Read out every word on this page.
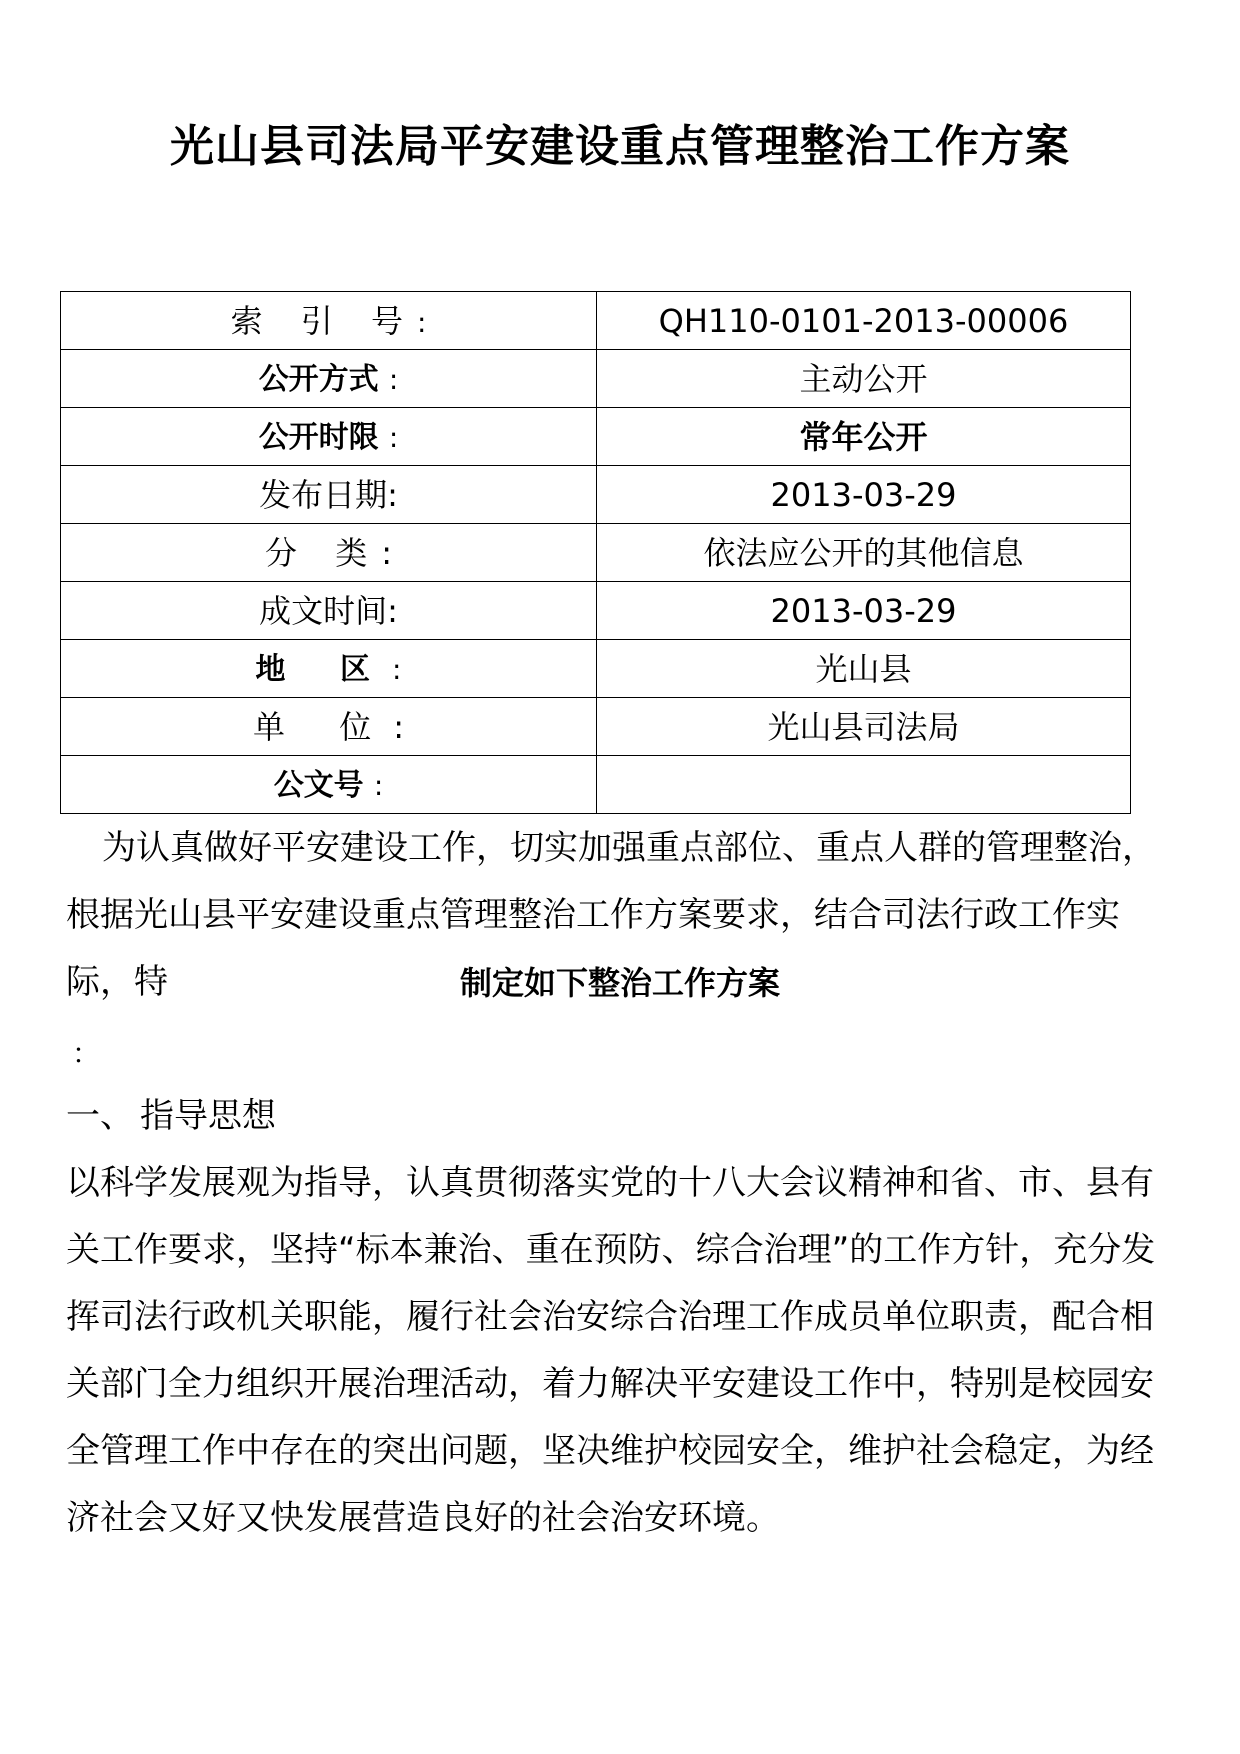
光山县司法局平安建设重点管理整治工作方案
索 引 号:	QH110-0101-2013-00006
公开方式 :	主动公开
公开时限 :	常年公开
发布日期:	2013-03-29
分 类:	依法应公开的其他信息
成文时间:	2013-03-29
地 区:	光山县
单 位:	光山县司法局
公文号 :	
为认真做好平安建设工作，切实加强重点部位、重点人群的管理整治，根据光山县平安建设重点管理整治工作方案要求，结合司法行政工作实际，特	制定如下整治工作方案
：
一、 指导思想
以科学发展观为指导，认真贯彻落实党的十八大会议精神和省、市、县有关工作要求，坚持“标本兼治、重在预防、综合治理”的工作方针，充分发挥司法行政机关职能，履行社会治安综合治理工作成员单位职责，配合相关部门全力组织开展治理活动，着力解决平安建设工作中，特别是校园安全管理工作中存在的突出问题，坚决维护校园安全，维护社会稳定，为经济社会又好又快发展营造良好的社会治安环境。
